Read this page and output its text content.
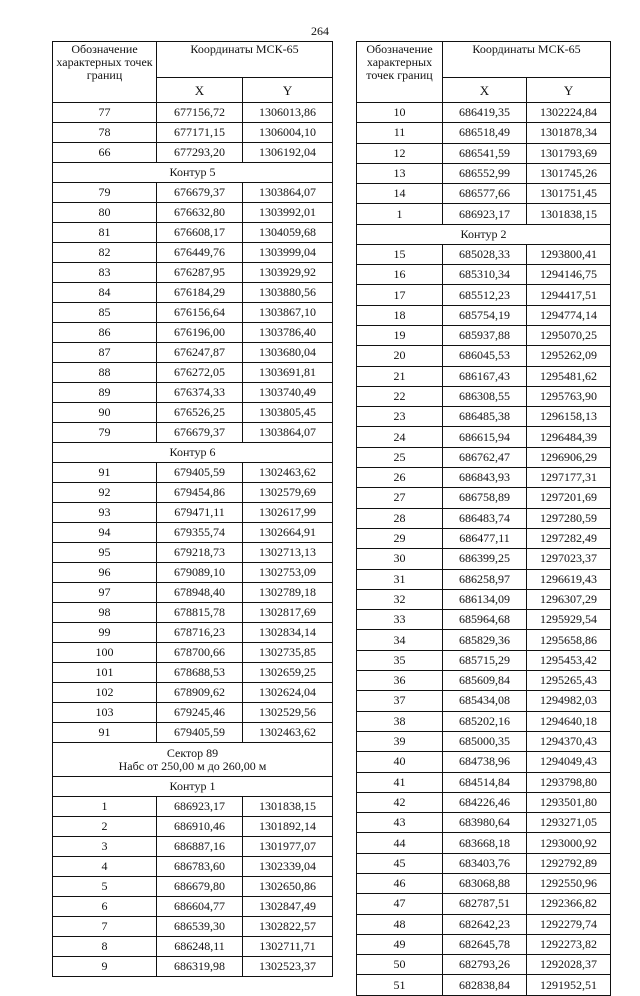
264
Обозначение характерных точек границ	Координаты МСК-65	
	X	Y
77	677156,72	1306013,86
78	677171,15	1306004,10
66	677293,20	1306192,04

Контур 5		

79	676679,37	1303864,07
80	676632,80	1303992,01
81	676608,17	1304059,68
82	676449,76	1303999,04
83	676287,95	1303929,92
84	676184,29	1303880,56
85	676156,64	1303867,10
86	676196,00	1303786,40
87	676247,87	1303680,04
88	676272,05	1303691,81
89	676374,33	1303740,49
90	676526,25	1303805,45
79	676679,37	1303864,07

Контур 6		

91	679405,59	1302463,62
92	679454,86	1302579,69
93	679471,11	1302617,99
94	679355,74	1302664,91
95	679218,73	1302713,13
96	679089,10	1302753,09
97	678948,40	1302789,18
98	678815,78	1302817,69
99	678716,23	1302834,14
100	678700,66	1302735,85
101	678688,53	1302659,25
102	678909,62	1302624,04
103	679245,46	1302529,56
91	679405,59	1302463,62

Сектор 89
Набс от 250,00 м до 260,00 м		

Контур 1		

1	686923,17	1301838,15
2	686910,46	1301892,14
3	686887,16	1301977,07
4	686783,60	1302339,04
5	686679,80	1302650,86
6	686604,77	1302847,49
7	686539,30	1302822,57
8	686248,11	1302711,71
9	686319,98	1302523,37
Обозначение характерных точек границ	Координаты МСК-65	
	X	Y
10	686419,35	1302224,84
11	686518,49	1301878,34
12	686541,59	1301793,69
13	686552,99	1301745,26
14	686577,66	1301751,45
1	686923,17	1301838,15

Контур 2		

15	685028,33	1293800,41
16	685310,34	1294146,75
17	685512,23	1294417,51
18	685754,19	1294774,14
19	685937,88	1295070,25
20	686045,53	1295262,09
21	686167,43	1295481,62
22	686308,55	1295763,90
23	686485,38	1296158,13
24	686615,94	1296484,39
25	686762,47	1296906,29
26	686843,93	1297177,31
27	686758,89	1297201,69
28	686483,74	1297280,59
29	686477,11	1297282,49
30	686399,25	1297023,37
31	686258,97	1296619,43
32	686134,09	1296307,29
33	685964,68	1295929,54
34	685829,36	1295658,86
35	685715,29	1295453,42
36	685609,84	1295265,43
37	685434,08	1294982,03
38	685202,16	1294640,18
39	685000,35	1294370,43
40	684738,96	1294049,43
41	684514,84	1293798,80
42	684226,46	1293501,80
43	683980,64	1293271,05
44	683668,18	1293000,92
45	683403,76	1292792,89
46	683068,88	1292550,96
47	682787,51	1292366,82
48	682642,23	1292279,74
49	682645,78	1292273,82
50	682793,26	1292028,37
51	682838,84	1291952,51
